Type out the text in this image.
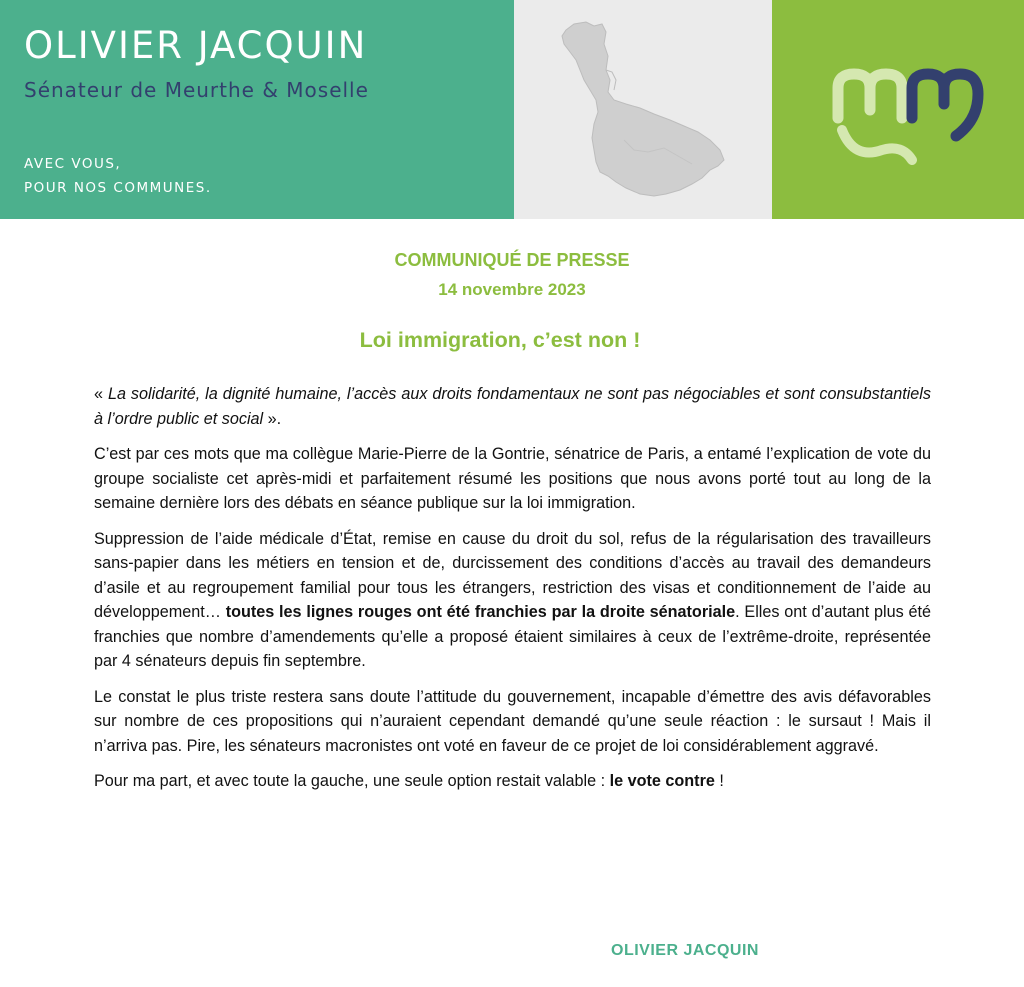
OLIVIER JACQUIN
Sénateur de Meurthe & Moselle
AVEC VOUS,
POUR NOS COMMUNES.
COMMUNIQUÉ DE PRESSE
14 novembre 2023
Loi immigration, c’est non !

« La solidarité, la dignité humaine, l’accès aux droits fondamentaux ne sont pas négociables et sont consubstantiels à l’ordre public et social ».

C’est par ces mots que ma collègue Marie-Pierre de la Gontrie, sénatrice de Paris, a entamé l’explication de vote du groupe socialiste cet après-midi et parfaitement résumé les positions que nous avons porté tout au long de la semaine dernière lors des débats en séance publique sur la loi immigration.

Suppression de l’aide médicale d’État, remise en cause du droit du sol, refus de la régularisation des travailleurs sans-papier dans les métiers en tension et de, durcissement des conditions d’accès au travail des demandeurs d’asile et au regroupement familial pour tous les étrangers, restriction des visas et conditionnement de l’aide au développement… toutes les lignes rouges ont été franchies par la droite sénatoriale. Elles ont d’autant plus été franchies que nombre d’amendements qu’elle a proposé étaient similaires à ceux de l’extrême-droite, représentée par 4 sénateurs depuis fin septembre.

Le constat le plus triste restera sans doute l’attitude du gouvernement, incapable d’émettre des avis défavorables sur nombre de ces propositions qui n’auraient cependant demandé qu’une seule réaction : le sursaut ! Mais il n’arriva pas. Pire, les sénateurs macronistes ont voté en faveur de ce projet de loi considérablement aggravé.

Pour ma part, et avec toute la gauche, une seule option restait valable : le vote contre !

OLIVIER JACQUIN
